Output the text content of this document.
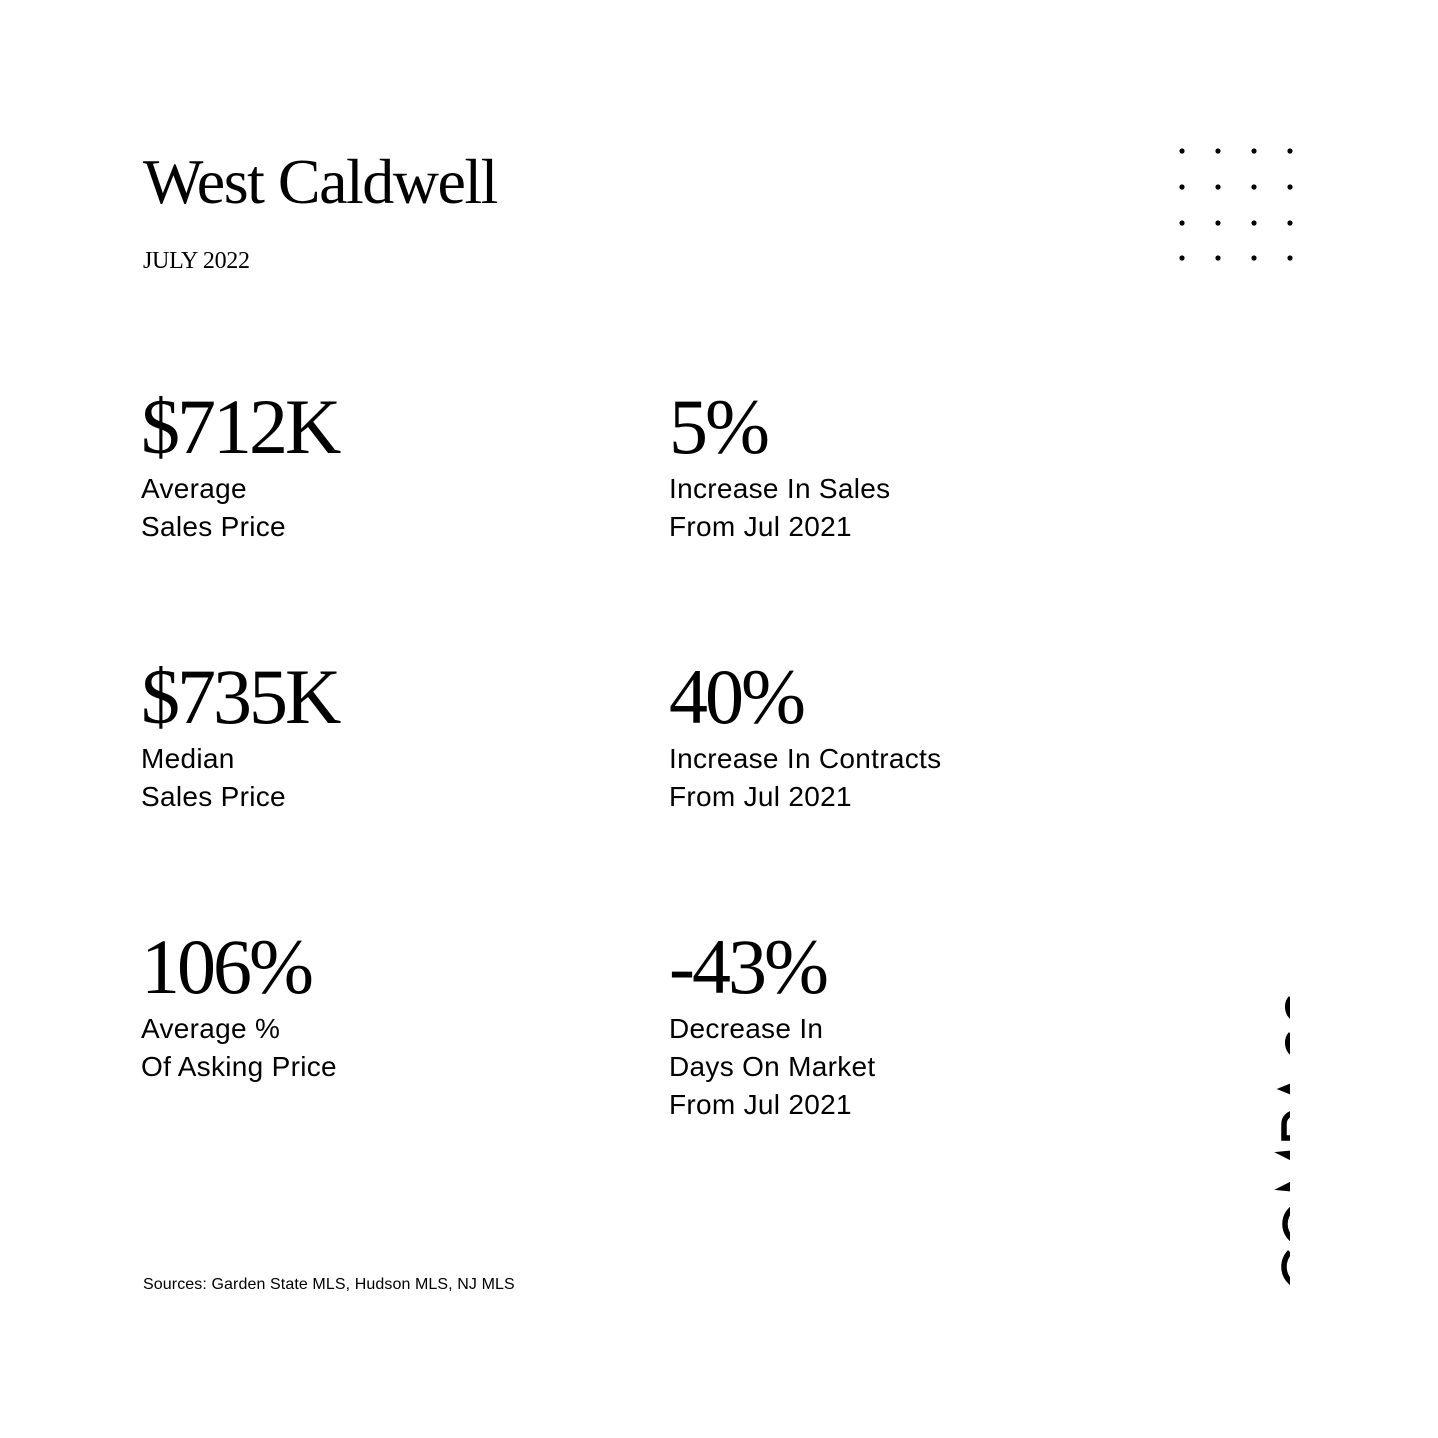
West Caldwell
JULY 2022
$712K
Average
Sales Price
5%
Increase In Sales
From Jul 2021
$735K
Median
Sales Price
40%
Increase In Contracts
From Jul 2021
106%
Average %
Of Asking Price
-43%
Decrease In
Days On Market
From Jul 2021
Sources: Garden State MLS, Hudson MLS, NJ MLS
